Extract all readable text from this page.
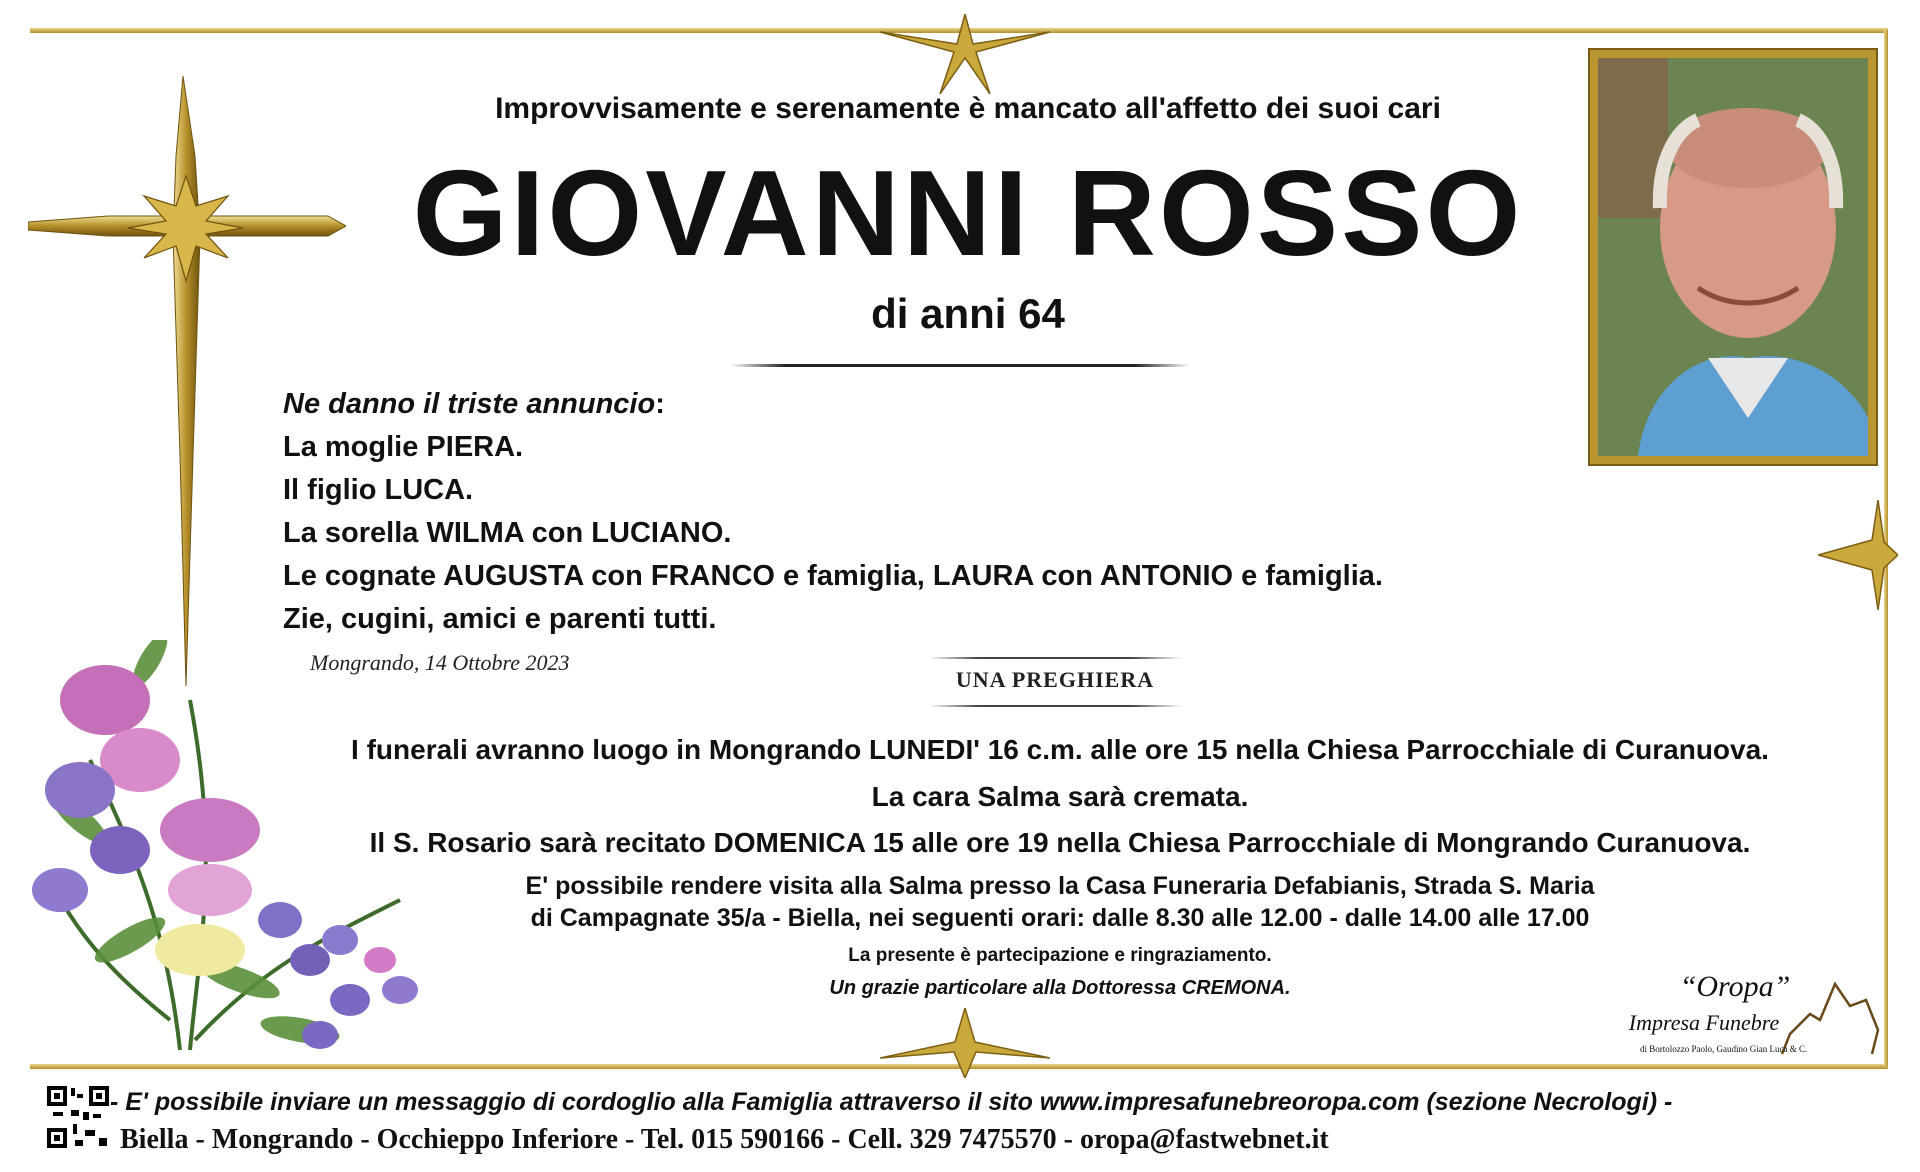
Improvvisamente e serenamente è mancato all'affetto dei suoi cari
GIOVANNI ROSSO
di anni 64
Ne danno il triste annuncio:
La moglie PIERA.
Il figlio LUCA.
La sorella WILMA con LUCIANO.
Le cognate AUGUSTA con FRANCO e famiglia, LAURA con ANTONIO e famiglia.
Zie, cugini, amici e parenti tutti.
Mongrando, 14 Ottobre 2023
UNA PREGHIERA
I funerali avranno luogo in Mongrando LUNEDI' 16 c.m. alle ore 15 nella Chiesa Parrocchiale di Curanuova.
La cara Salma sarà cremata.
Il S. Rosario sarà recitato DOMENICA 15 alle ore 19 nella Chiesa Parrocchiale di Mongrando Curanuova.
E' possibile rendere visita alla Salma presso la Casa Funeraria Defabianis, Strada S. Maria
di Campagnate 35/a - Biella, nei seguenti orari: dalle 8.30 alle 12.00 - dalle 14.00 alle 17.00
La presente è partecipazione e ringraziamento.
Un grazie particolare alla Dottoressa CREMONA.	“Oropa”
Impresa Funebre
di Bortolozzo Paolo, Gaudino Gian Luca & C.
- E' possibile inviare un messaggio di cordoglio alla Famiglia attraverso il sito www.impresafunebreoropa.com (sezione Necrologi) -
Biella - Mongrando - Occhieppo Inferiore - Tel. 015 590166 - Cell. 329 7475570 - oropa@fastwebnet.it
